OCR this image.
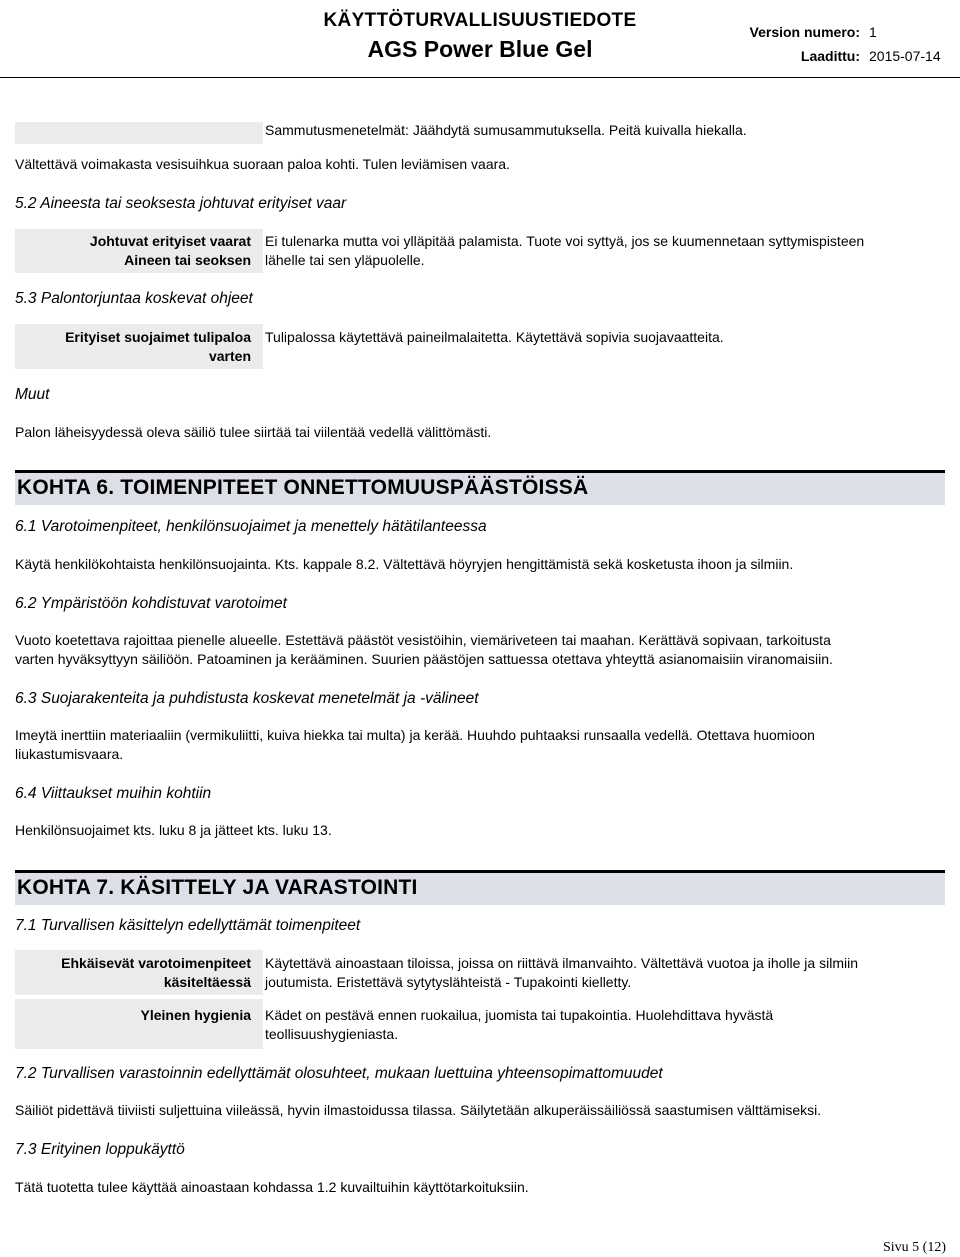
KÄYTTÖTURVALLISUUSTIEDOTE
AGS Power Blue Gel
Version numero: 1
Laadittu: 2015-07-14
Sammutusmenetelmät: Jäähdytä sumusammutuksella. Peitä kuivalla hiekalla.
Vältettävä voimakasta vesisuihkua suoraan paloa kohti. Tulen leviämisen vaara.
5.2 Aineesta tai seoksesta johtuvat erityiset vaar
Johtuvat erityiset vaarat
Aineen tai seoksen
Ei tulenarka mutta voi ylläpitää palamista. Tuote voi syttyä, jos se kuumennetaan syttymispisteen
lähelle tai sen yläpuolelle.
5.3 Palontorjuntaa koskevat ohjeet
Erityiset suojaimet tulipaloa
varten
Tulipalossa käytettävä paineilmalaitetta. Käytettävä sopivia suojavaatteita.
Muut
Palon läheisyydessä oleva säiliö tulee siirtää tai viilentää vedellä välittömästi.
KOHTA 6. TOIMENPITEET ONNETTOMUUSPÄÄSTÖISSÄ
6.1 Varotoimenpiteet, henkilönsuojaimet ja menettely hätätilanteessa
Käytä henkilökohtaista henkilönsuojainta. Kts. kappale 8.2. Vältettävä höyryjen hengittämistä sekä kosketusta ihoon ja silmiin.
6.2 Ympäristöön kohdistuvat varotoimet
Vuoto koetettava rajoittaa pienelle alueelle. Estettävä päästöt vesistöihin, viemäriveteen tai maahan. Kerättävä sopivaan, tarkoitusta
varten hyväksyttyyn säiliöön. Patoaminen ja kerääminen. Suurien päästöjen sattuessa otettava yhteyttä asianomaisiin viranomaisiin.
6.3 Suojarakenteita ja puhdistusta koskevat menetelmät ja -välineet
Imeytä inerttiin materiaaliin (vermikuliitti, kuiva hiekka tai multa) ja kerää. Huuhdo puhtaaksi runsaalla vedellä. Otettava huomioon
liukastumisvaara.
6.4 Viittaukset muihin kohtiin
Henkilönsuojaimet kts. luku 8 ja jätteet kts. luku 13.
KOHTA 7. KÄSITTELY JA VARASTOINTI
7.1 Turvallisen käsittelyn edellyttämät toimenpiteet
Ehkäisevät varotoimenpiteet
käsiteltäessä
Käytettävä ainoastaan tiloissa, joissa on riittävä ilmanvaihto. Vältettävä vuotoa ja iholle ja silmiin
joutumista. Eristettävä sytytyslähteistä - Tupakointi kielletty.
Yleinen hygienia Kädet on pestävä ennen ruokailua, juomista tai tupakointia. Huolehdittava hyvästä
teollisuushygieniasta.
7.2 Turvallisen varastoinnin edellyttämät olosuhteet, mukaan luettuina yhteensopimattomuudet
Säiliöt pidettävä tiiviisti suljettuina viileässä, hyvin ilmastoidussa tilassa. Säilytetään alkuperäissäiliössä saastumisen välttämiseksi.
7.3 Erityinen loppukäyttö
Tätä tuotetta tulee käyttää ainoastaan kohdassa 1.2 kuvailtuihin käyttötarkoituksiin.
Sivu 5 (12)
